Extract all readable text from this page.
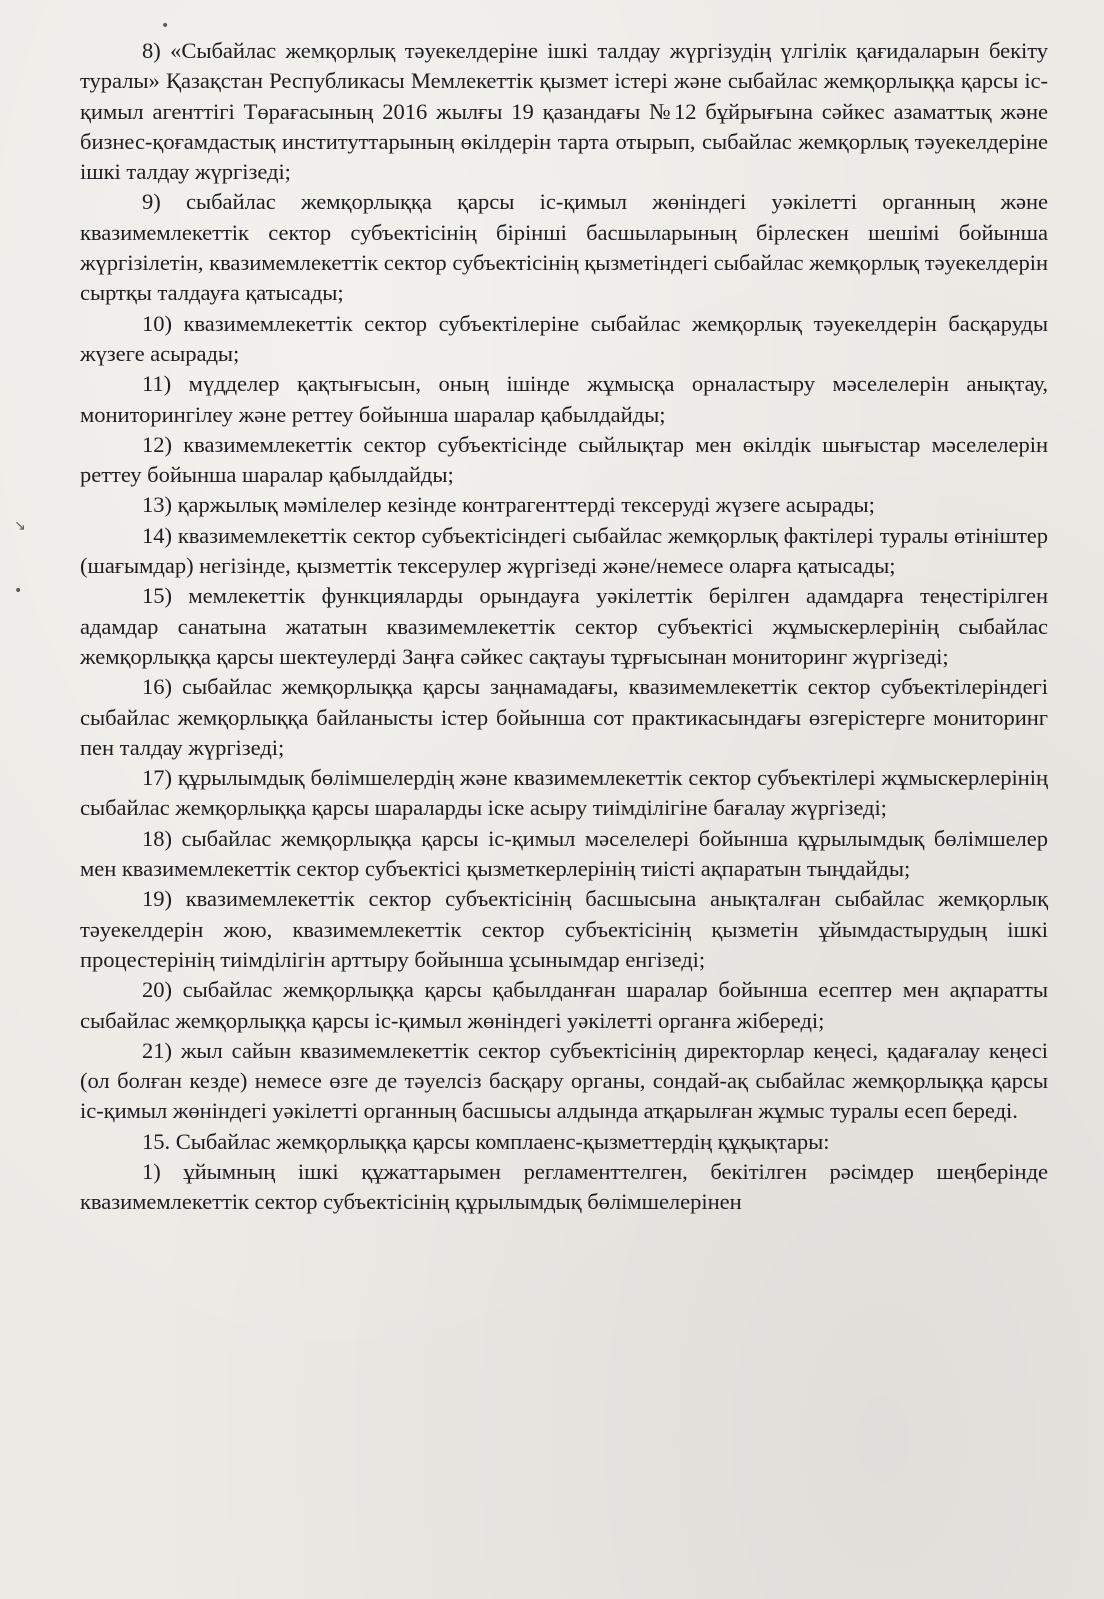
8) «Сыбайлас жемқорлық тәуекелдеріне ішкі талдау жүргізудің үлгілік қағидаларын бекіту туралы» Қазақстан Республикасы Мемлекеттік қызмет істері және сыбайлас жемқорлыққа қарсы іс-қимыл агенттігі Төрағасының 2016 жылғы 19 қазандағы №12 бұйрығына сәйкес азаматтық және бизнес-қоғамдастық институттарының өкілдерін тарта отырып, сыбайлас жемқорлық тәуекелдеріне ішкі талдау жүргізеді;

9) сыбайлас жемқорлыққа қарсы іс-қимыл жөніндегі уәкілетті органның және квазимемлекеттік сектор субъектісінің бірінші басшыларының бірлескен шешімі бойынша жүргізілетін, квазимемлекеттік сектор субъектісінің қызметіндегі сыбайлас жемқорлық тәуекелдерін сыртқы талдауға қатысады;

10) квазимемлекеттік сектор субъектілеріне сыбайлас жемқорлық тәуекелдерін басқаруды жүзеге асырады;

11) мүдделер қақтығысын, оның ішінде жұмысқа орналастыру мәселелерін анықтау, мониторингілеу және реттеу бойынша шаралар қабылдайды;

12) квазимемлекеттік сектор субъектісінде сыйлықтар мен өкілдік шығыстар мәселелерін реттеу бойынша шаралар қабылдайды;

13) қаржылық мәмілелер кезінде контрагенттерді тексеруді жүзеге асырады;

14) квазимемлекеттік сектор субъектісіндегі сыбайлас жемқорлық фактілері туралы өтініштер (шағымдар) негізінде, қызметтік тексерулер жүргізеді және/немесе оларға қатысады;

15) мемлекеттік функцияларды орындауға уәкілеттік берілген адамдарға теңестірілген адамдар санатына жататын квазимемлекеттік сектор субъектісі жұмыскерлерінің сыбайлас жемқорлыққа қарсы шектеулерді Заңға сәйкес сақтауы тұрғысынан мониторинг жүргізеді;

16) сыбайлас жемқорлыққа қарсы заңнамадағы, квазимемлекеттік сектор субъектілеріндегі сыбайлас жемқорлыққа байланысты істер бойынша сот практикасындағы өзгерістерге мониторинг пен талдау жүргізеді;

17) құрылымдық бөлімшелердің және квазимемлекеттік сектор субъектілері жұмыскерлерінің сыбайлас жемқорлыққа қарсы шараларды іске асыру тиімділігіне бағалау жүргізеді;

18) сыбайлас жемқорлыққа қарсы іс-қимыл мәселелері бойынша құрылымдық бөлімшелер мен квазимемлекеттік сектор субъектісі қызметкерлерінің тиісті ақпаратын тыңдайды;

19) квазимемлекеттік сектор субъектісінің басшысына анықталған сыбайлас жемқорлық тәуекелдерін жою, квазимемлекеттік сектор субъектісінің қызметін ұйымдастырудың ішкі процестерінің тиімділігін арттыру бойынша ұсынымдар енгізеді;

20) сыбайлас жемқорлыққа қарсы қабылданған шаралар бойынша есептер мен ақпаратты сыбайлас жемқорлыққа қарсы іс-қимыл жөніндегі уәкілетті органға жібереді;

21) жыл сайын квазимемлекеттік сектор субъектісінің директорлар кеңесі, қадағалау кеңесі (ол болған кезде) немесе өзге де тәуелсіз басқару органы, сондай-ақ сыбайлас жемқорлыққа қарсы іс-қимыл жөніндегі уәкілетті органның басшысы алдында атқарылған жұмыс туралы есеп береді.

15. Сыбайлас жемқорлыққа қарсы комплаенс-қызметтердің құқықтары:

1) ұйымның ішкі құжаттарымен регламенттелген, бекітілген рәсімдер шеңберінде квазимемлекеттік сектор субъектісінің құрылымдық бөлімшелерінен

•
↘
•
